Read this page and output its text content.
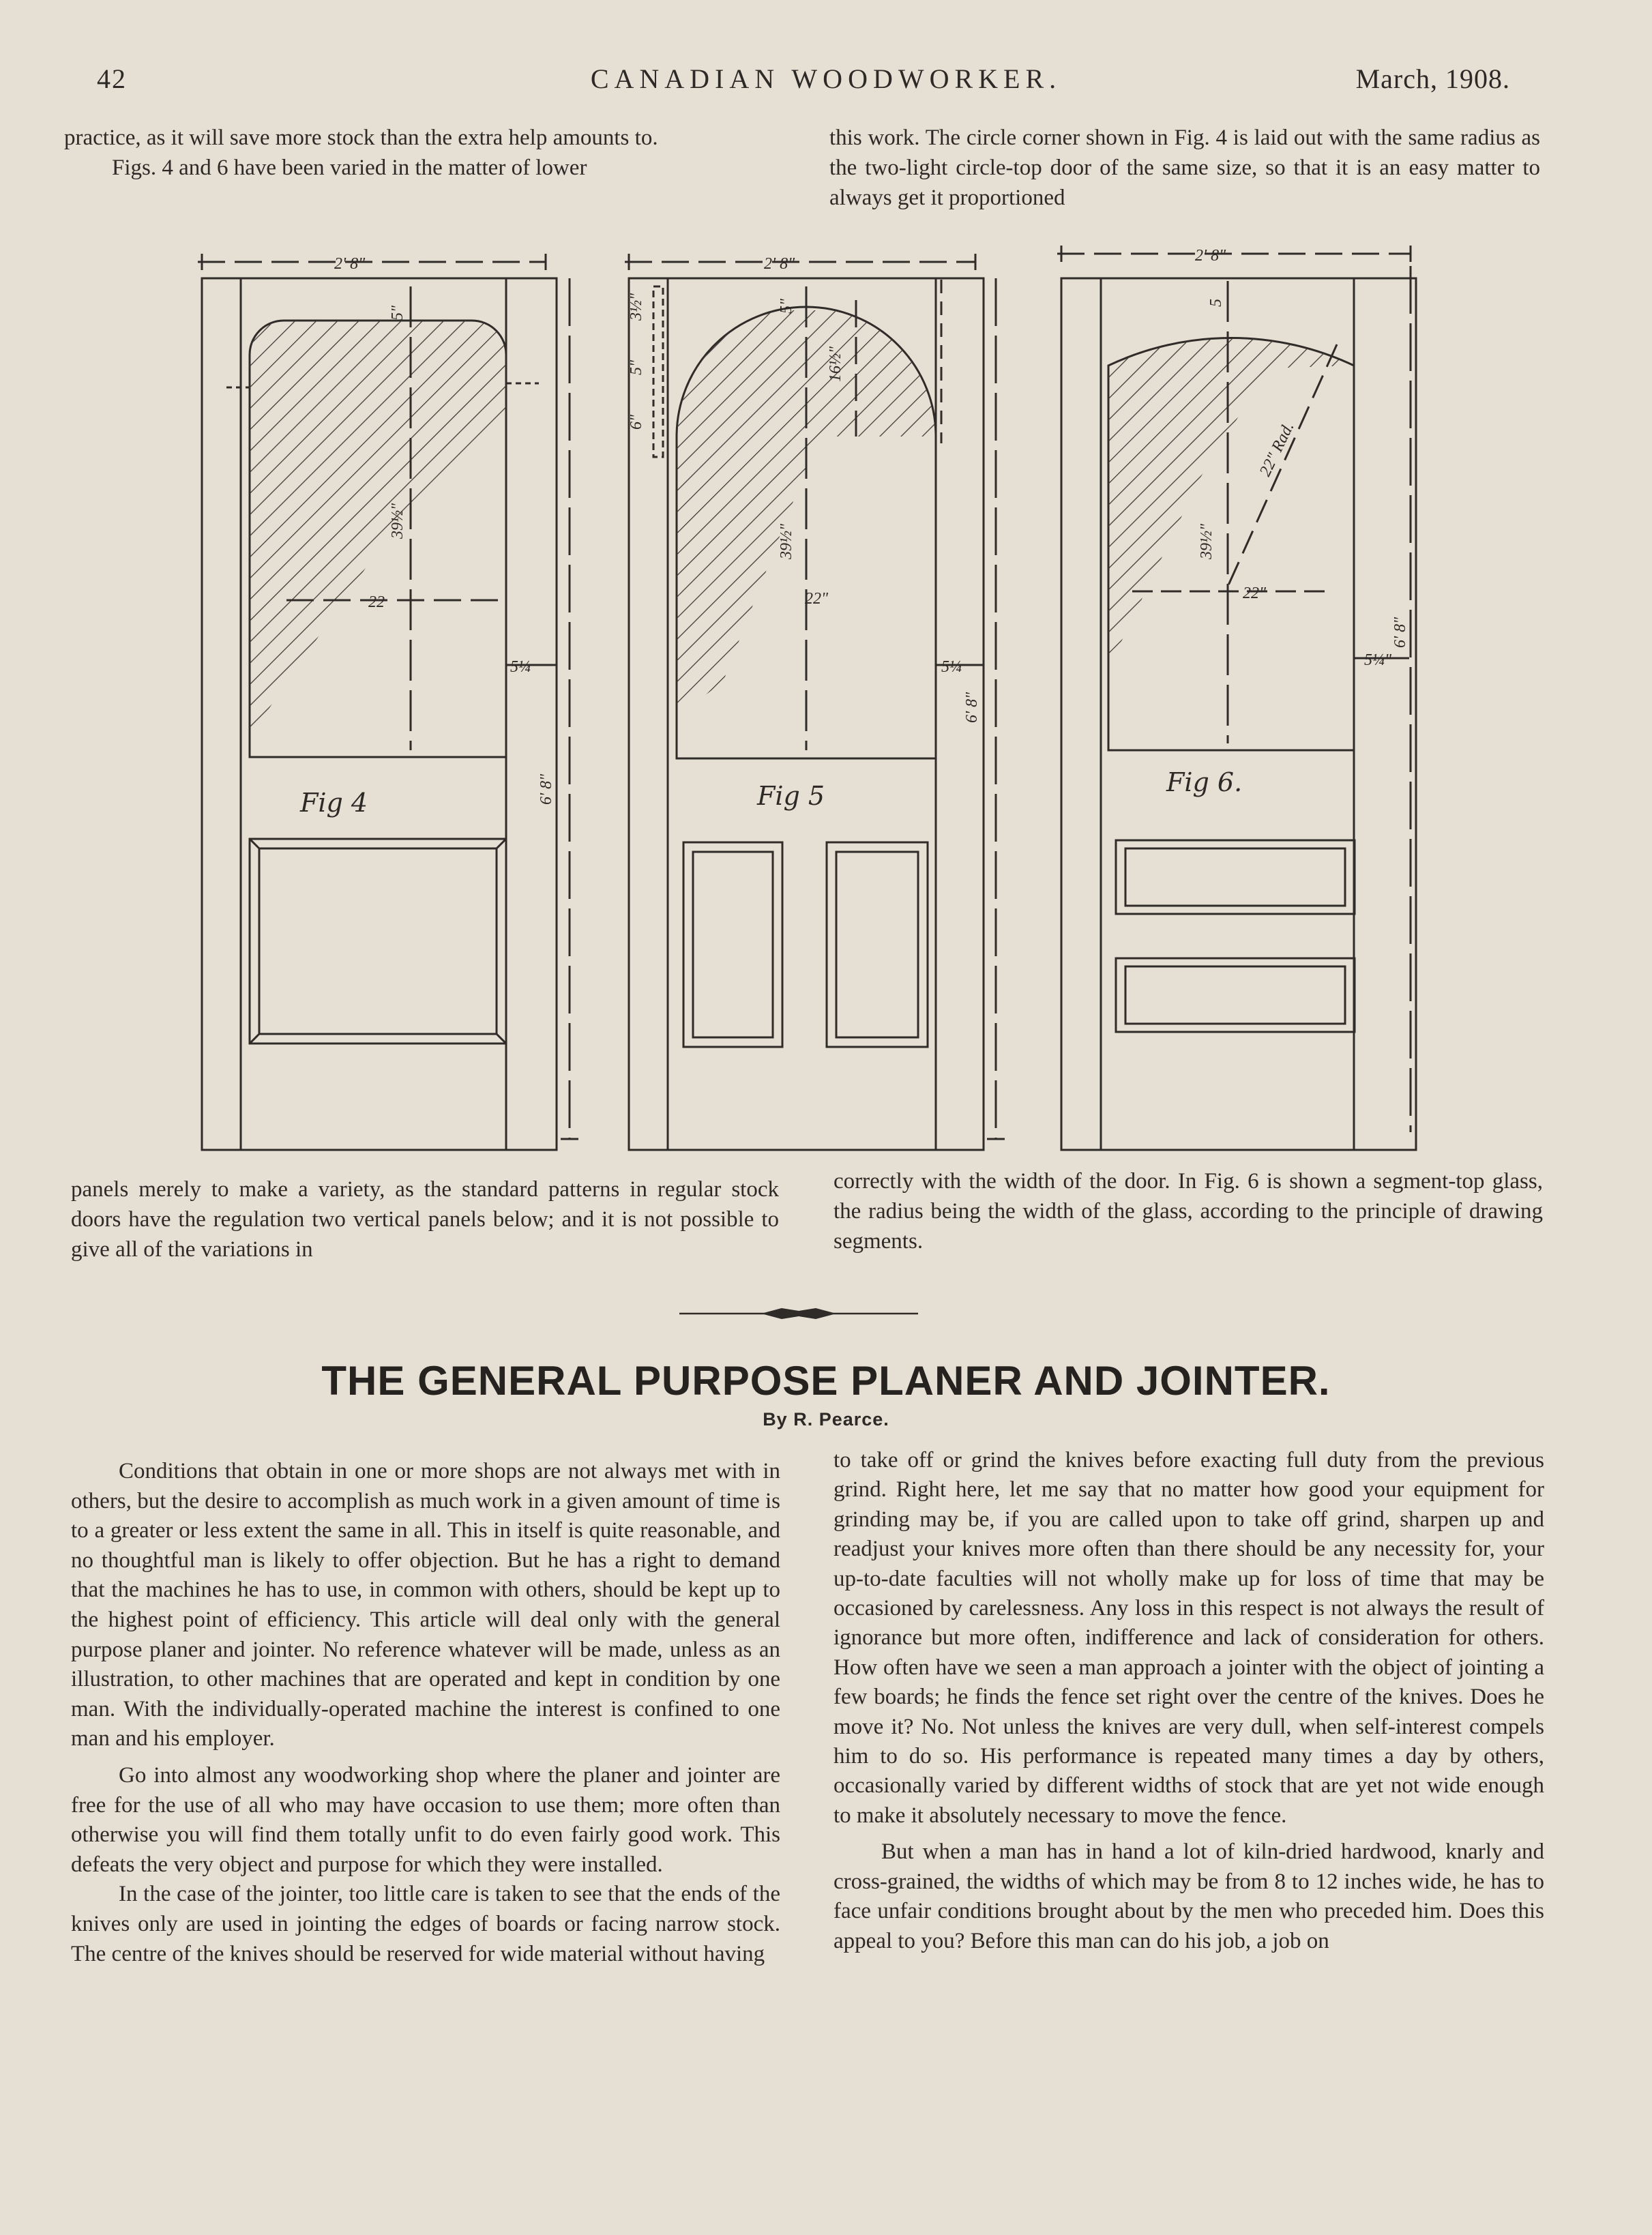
42	CANADIAN WOODWORKER.	March, 1908.

practice, as it will save more stock than the extra help amounts to.

Figs. 4 and 6 have been varied in the matter of lower

this work. The circle corner shown in Fig. 4 is laid out with the same radius as the two-light circle-top door of the same size, so that it is an easy matter to always get it proportioned

2' 8"
5"
39½"
22
5¼
6' 8"
Fig 4
2' 8"
5"
16½"
39½"
22"
5¼
6' 8"
3½"
5"
6"
Fig 5
2' 8"
5
22" Rad.
39½"
22"
5¼"
6' 8"
Fig 6.

panels merely to make a variety, as the standard patterns in regular stock doors have the regulation two vertical panels below; and it is not possible to give all of the variations in

correctly with the width of the door. In Fig. 6 is shown a segment-top glass, the radius being the width of the glass, according to the principle of drawing segments.

THE GENERAL PURPOSE PLANER AND JOINTER.
By R. Pearce.

Conditions that obtain in one or more shops are not always met with in others, but the desire to accomplish as much work in a given amount of time is to a greater or less extent the same in all. This in itself is quite reasonable, and no thoughtful man is likely to offer objection. But he has a right to demand that the machines he has to use, in common with others, should be kept up to the highest point of efficiency. This article will deal only with the general purpose planer and jointer. No reference whatever will be made, unless as an illustration, to other machines that are operated and kept in condition by one man. With the individually-operated machine the interest is confined to one man and his employer.

Go into almost any woodworking shop where the planer and jointer are free for the use of all who may have occasion to use them; more often than otherwise you will find them totally unfit to do even fairly good work. This defeats the very object and purpose for which they were installed.

In the case of the jointer, too little care is taken to see that the ends of the knives only are used in jointing the edges of boards or facing narrow stock. The centre of the knives should be reserved for wide material without having

to take off or grind the knives before exacting full duty from the previous grind. Right here, let me say that no matter how good your equipment for grinding may be, if you are called upon to take off grind, sharpen up and readjust your knives more often than there should be any necessity for, your up-to-date faculties will not wholly make up for loss of time that may be occasioned by carelessness. Any loss in this respect is not always the result of ignorance but more often, indifference and lack of consideration for others. How often have we seen a man approach a jointer with the object of jointing a few boards; he finds the fence set right over the centre of the knives. Does he move it? No. Not unless the knives are very dull, when self-interest compels him to do so. His performance is repeated many times a day by others, occasionally varied by different widths of stock that are yet not wide enough to make it absolutely necessary to move the fence.

But when a man has in hand a lot of kiln-dried hardwood, knarly and cross-grained, the widths of which may be from 8 to 12 inches wide, he has to face unfair conditions brought about by the men who preceded him. Does this appeal to you? Before this man can do his job, a job on
